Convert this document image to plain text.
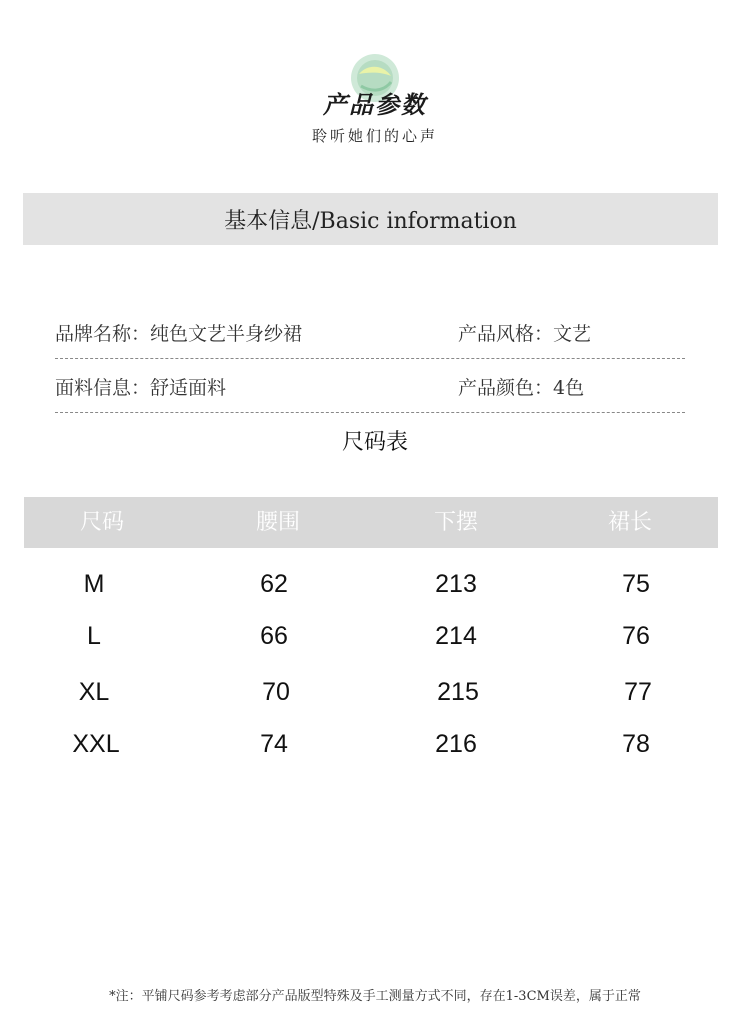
产品参数
聆听她们的心声
基本信息/Basic information
品牌名称：纯色文艺半身纱裙	产品风格：文艺
面料信息：舒适面料	产品颜色：4色
尺码表
尺码	腰围	下摆	裙长
M	62	213	75
L	66	214	76
XL	70	215	77
XXL	74	216	78
*注：平铺尺码参考考虑部分产品版型特殊及手工测量方式不同，存在1-3CM误差，属于正常
